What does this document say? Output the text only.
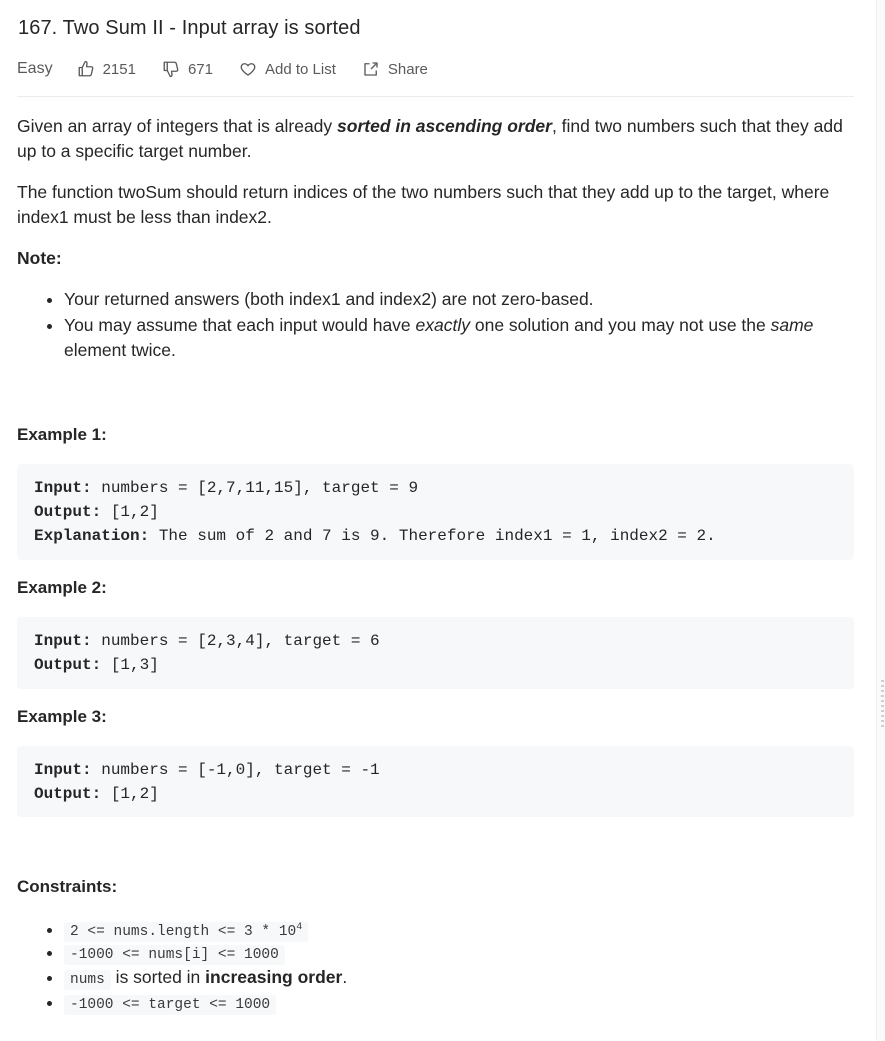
167. Two Sum II - Input array is sorted
Easy	2151	671	Add to List	Share

Given an array of integers that is already sorted in ascending order, find two numbers such that they add up to a specific target number.

The function twoSum should return indices of the two numbers such that they add up to the target, where index1 must be less than index2.

Note:

• Your returned answers (both index1 and index2) are not zero-based.
• You may assume that each input would have exactly one solution and you may not use the same element twice.
Example 1:
Input: numbers = [2,7,11,15], target = 9
Output: [1,2]
Explanation: The sum of 2 and 7 is 9. Therefore index1 = 1, index2 = 2.
Example 2:
Input: numbers = [2,3,4], target = 6
Output: [1,3]
Example 3:
Input: numbers = [-1,0], target = -1
Output: [1,2]
Constraints:
• 2 <= nums.length <= $3 * 10^4$
• -1000 <= nums[i] <= 1000
• nums is sorted in increasing order.
• -1000 <= target <= 1000
